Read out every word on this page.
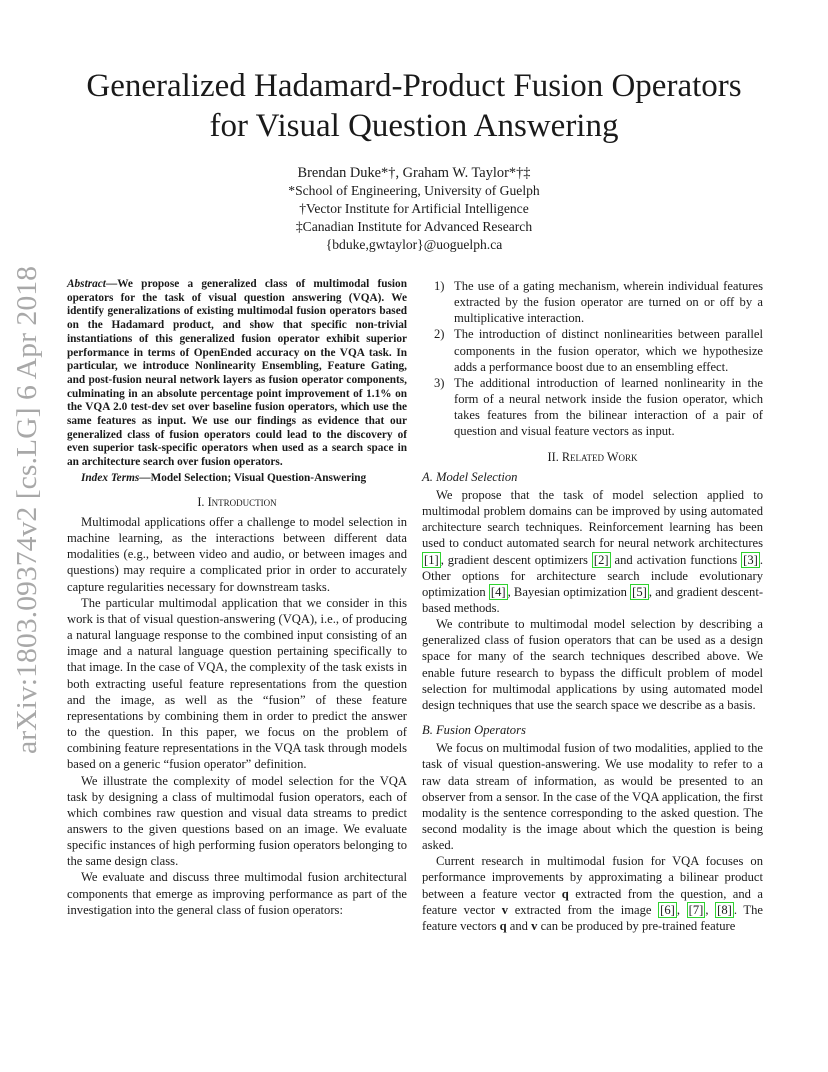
Generalized Hadamard-Product Fusion Operators
for Visual Question Answering
Brendan Duke*†, Graham W. Taylor*†‡
*School of Engineering, University of Guelph
†Vector Institute for Artificial Intelligence
‡Canadian Institute for Advanced Research
{bduke,gwtaylor}@uoguelph.ca
arXiv:1803.09374v2 [cs.LG] 6 Apr 2018 Abstract—We propose a generalized class of multimodal fusion operators for the task of visual question answering (VQA). We identify generalizations of existing multimodal fusion operators based on the Hadamard product, and show that specific non-trivial instantiations of this generalized fusion operator exhibit superior performance in terms of OpenEnded accuracy on the VQA task. In particular, we introduce Nonlinearity Ensembling, Feature Gating, and post-fusion neural network layers as fusion operator components, culminating in an absolute percentage point improvement of 1.1% on the VQA 2.0 test-dev set over baseline fusion operators, which use the same features as input. We use our findings as evidence that our generalized class of fusion operators could lead to the discovery of even superior task-specific operators when used as a search space in an architecture search over fusion operators.

Index Terms—Model Selection; Visual Question-Answering

I. Introduction

Multimodal applications offer a challenge to model selection in machine learning, as the interactions between different data modalities (e.g., between video and audio, or between images and questions) may require a complicated prior in order to accurately capture regularities necessary for downstream tasks.

The particular multimodal application that we consider in this work is that of visual question-answering (VQA), i.e., of producing a natural language response to the combined input consisting of an image and a natural language question pertaining specifically to that image. In the case of VQA, the complexity of the task exists in both extracting useful feature representations from the question and the image, as well as the “fusion” of these feature representations by combining them in order to predict the answer to the question. In this paper, we focus on the problem of combining feature representations in the VQA task through models based on a generic “fusion operator” definition.

We illustrate the complexity of model selection for the VQA task by designing a class of multimodal fusion operators, each of which combines raw question and visual data streams to predict answers to the given questions based on an image. We evaluate specific instances of high performing fusion operators belonging to the same design class.

We evaluate and discuss three multimodal fusion architectural components that emerge as improving performance as part of the investigation into the general class of fusion operators:

1) The use of a gating mechanism, wherein individual features extracted by the fusion operator are turned on or off by a multiplicative interaction.
2) The introduction of distinct nonlinearities between parallel components in the fusion operator, which we hypothesize adds a performance boost due to an ensembling effect.
3) The additional introduction of learned nonlinearity in the form of a neural network inside the fusion operator, which takes features from the bilinear interaction of a pair of question and visual feature vectors as input.
II. Related Work
A. Model Selection

We propose that the task of model selection applied to multimodal problem domains can be improved by using automated architecture search techniques. Reinforcement learning has been used to conduct automated search for neural network architectures [1] , gradient descent optimizers [2] and activation functions [3] . Other options for architecture search include evolutionary optimization [4] , Bayesian optimization [5] , and gradient descent-based methods.

We contribute to multimodal model selection by describing a generalized class of fusion operators that can be used as a design space for many of the search techniques described above. We enable future research to bypass the difficult problem of model selection for multimodal applications by using automated model design techniques that use the search space we describe as a basis.

B. Fusion Operators

We focus on multimodal fusion of two modalities, applied to the task of visual question-answering. We use modality to refer to a raw data stream of information, as would be presented to an observer from a sensor. In the case of the VQA application, the first modality is the sentence corresponding to the asked question. The second modality is the image about which the question is being asked.

Current research in multimodal fusion for VQA focuses on performance improvements by approximating a bilinear product between a feature vector q extracted from the question, and a feature vector v extracted from the image [6] , [7] , [8] . The feature vectors q and v can be produced by pre-trained feature
